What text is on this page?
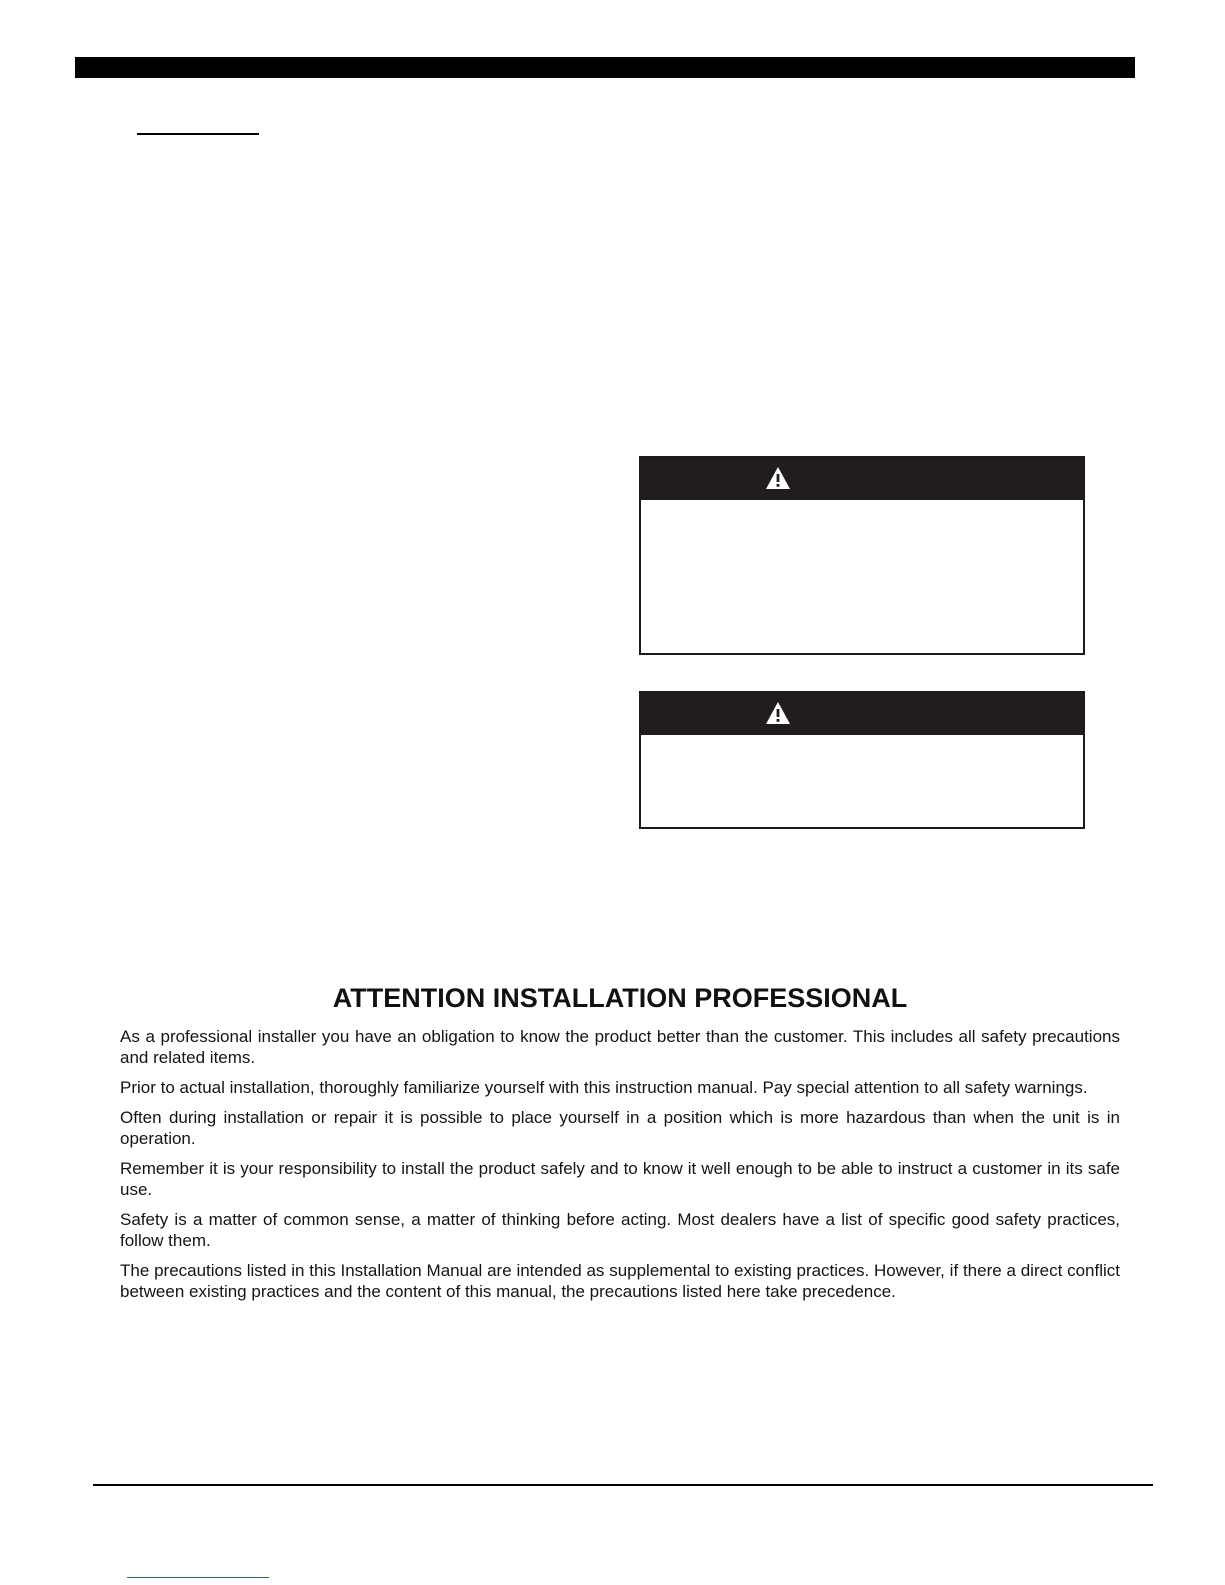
ATTENTION INSTALLATION PROFESSIONAL

As a professional installer you have an obligation to know the product better than the customer. This includes all safety precautions and related items.

Prior to actual installation, thoroughly familiarize yourself with this instruction manual. Pay special attention to all safety warnings.

Often during installation or repair it is possible to place yourself in a position which is more hazardous than when the unit is in operation.

Remember it is your responsibility to install the product safely and to know it well enough to be able to instruct a customer in its safe use.

Safety is a matter of common sense, a matter of thinking before acting. Most dealers have a list of specific good safety practices, follow them.

The precautions listed in this Installation Manual are intended as supplemental to existing practices. However, if there a direct conflict between existing practices and the content of this manual, the precautions listed here take precedence.
